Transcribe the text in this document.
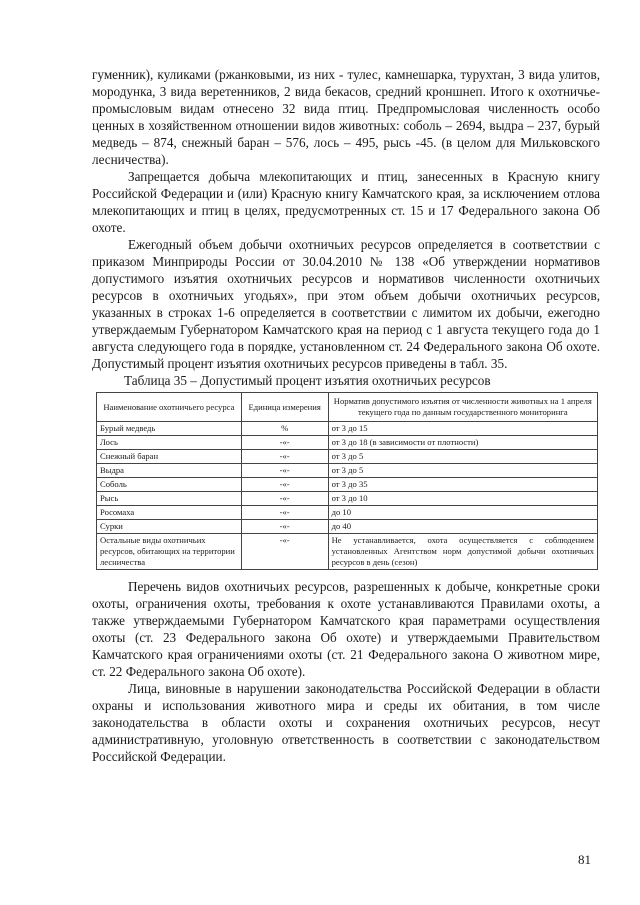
гуменник), куликами (ржанковыми, из них - тулес, камнешарка, турухтан, 3 вида улитов, мородунка, 3 вида веретенников, 2 вида бекасов, средний кроншнеп. Итого к охотничье-промысловым видам отнесено 32 вида птиц. Предпромысловая численность особо ценных в хозяйственном отношении видов животных: соболь – 2694, выдра – 237, бурый медведь – 874, снежный баран – 576, лось – 495, рысь -45. (в целом для Мильковского лесничества).

Запрещается добыча млекопитающих и птиц, занесенных в Красную книгу Российской Федерации и (или) Красную книгу Камчатского края, за исключением отлова млекопитающих и птиц в целях, предусмотренных ст. 15 и 17 Федерального закона Об охоте.

Ежегодный объем добычи охотничьих ресурсов определяется в соответствии с приказом Минприроды России от 30.04.2010 № 138 «Об утверждении нормативов допустимого изъятия охотничьих ресурсов и нормативов численности охотничьих ресурсов в охотничьих угодьях», при этом объем добычи охотничьих ресурсов, указанных в строках 1-6 определяется в соответствии с лимитом их добычи, ежегодно утверждаемым Губернатором Камчатского края на период с 1 августа текущего года до 1 августа следующего года в порядке, установленном ст. 24 Федерального закона Об охоте. Допустимый процент изъятия охотничьих ресурсов приведены в табл. 35.

Таблица 35 – Допустимый процент изъятия охотничьих ресурсов
Наименование охотничьего ресурса	Единица измерения	Норматив допустимого изъятия от численности животных на 1 апреля текущего года по данным государственного мониторинга
Бурый медведь	%	от 3 до 15
Лось	-«-	от 3 до 18 (в зависимости от плотности)
Снежный баран	-«-	от 3 до 5
Выдра	-«-	от 3 до 5
Соболь	-«-	от 3 до 35
Рысь	-«-	от 3 до 10
Росомаха	-«-	до 10
Сурки	-«-	до 40
Остальные виды охотничьих ресурсов, обитающих на территории лесничества	-«-	Не устанавливается, охота осуществляется с соблюдением установленных Агентством норм допустимой добычи охотничьих ресурсов в день (сезон)

Перечень видов охотничьих ресурсов, разрешенных к добыче, конкретные сроки охоты, ограничения охоты, требования к охоте устанавливаются Правилами охоты, а также утверждаемыми Губернатором Камчатского края параметрами осуществления охоты (ст. 23 Федерального закона Об охоте) и утверждаемыми Правительством Камчатского края ограничениями охоты (ст. 21 Федерального закона О животном мире, ст. 22 Федерального закона Об охоте).

Лица, виновные в нарушении законодательства Российской Федерации в области охраны и использования животного мира и среды их обитания, в том числе законодательства в области охоты и сохранения охотничьих ресурсов, несут административную, уголовную ответственность в соответствии с законодательством Российской Федерации.

81
